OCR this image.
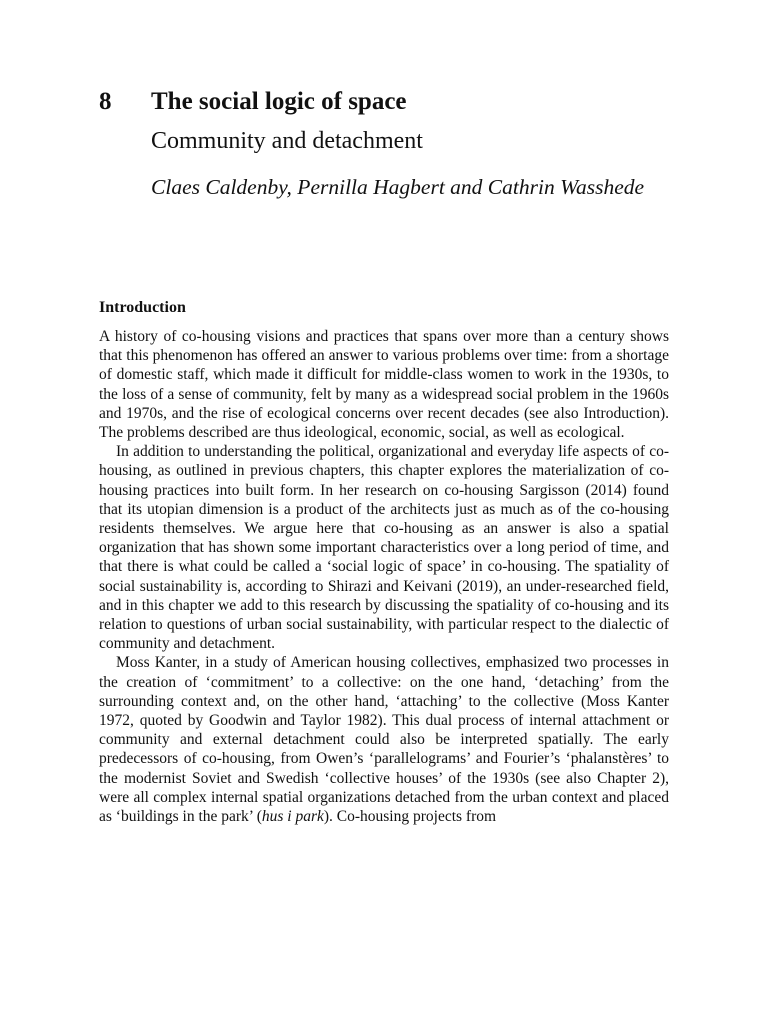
8 The social logic of space
Community and detachment
Claes Caldenby, Pernilla Hagbert and Cathrin Wasshede
Introduction

A history of co-housing visions and practices that spans over more than a century shows that this phenomenon has offered an answer to various problems over time: from a shortage of domestic staff, which made it difficult for middle-class women to work in the 1930s, to the loss of a sense of community, felt by many as a widespread social problem in the 1960s and 1970s, and the rise of ecological concerns over recent decades (see also Introduction). The problems described are thus ideological, economic, social, as well as ecological.

In addition to understanding the political, organizational and everyday life aspects of co-housing, as outlined in previous chapters, this chapter explores the materialization of co-housing practices into built form. In her research on co-housing Sargisson (2014) found that its utopian dimension is a product of the architects just as much as of the co-housing residents themselves. We argue here that co-housing as an answer is also a spatial organization that has shown some important characteristics over a long period of time, and that there is what could be called a ‘social logic of space’ in co-housing. The spatiality of social sustainability is, according to Shirazi and Keivani (2019), an under-researched field, and in this chapter we add to this research by discussing the spatiality of co-housing and its relation to questions of urban social sustainability, with particular respect to the dialectic of community and detachment.

Moss Kanter, in a study of American housing collectives, emphasized two processes in the creation of ‘commitment’ to a collective: on the one hand, ‘detaching’ from the surrounding context and, on the other hand, ‘attaching’ to the collective (Moss Kanter 1972, quoted by Goodwin and Taylor 1982). This dual process of internal attachment or community and external detachment could also be interpreted spatially. The early predecessors of co-housing, from Owen’s ‘parallelograms’ and Fourier’s ‘phalanstères’ to the modernist Soviet and Swedish ‘collective houses’ of the 1930s (see also Chapter 2), were all complex internal spatial organizations detached from the urban context and placed as ‘buildings in the park’ (hus i park). Co-housing projects from
